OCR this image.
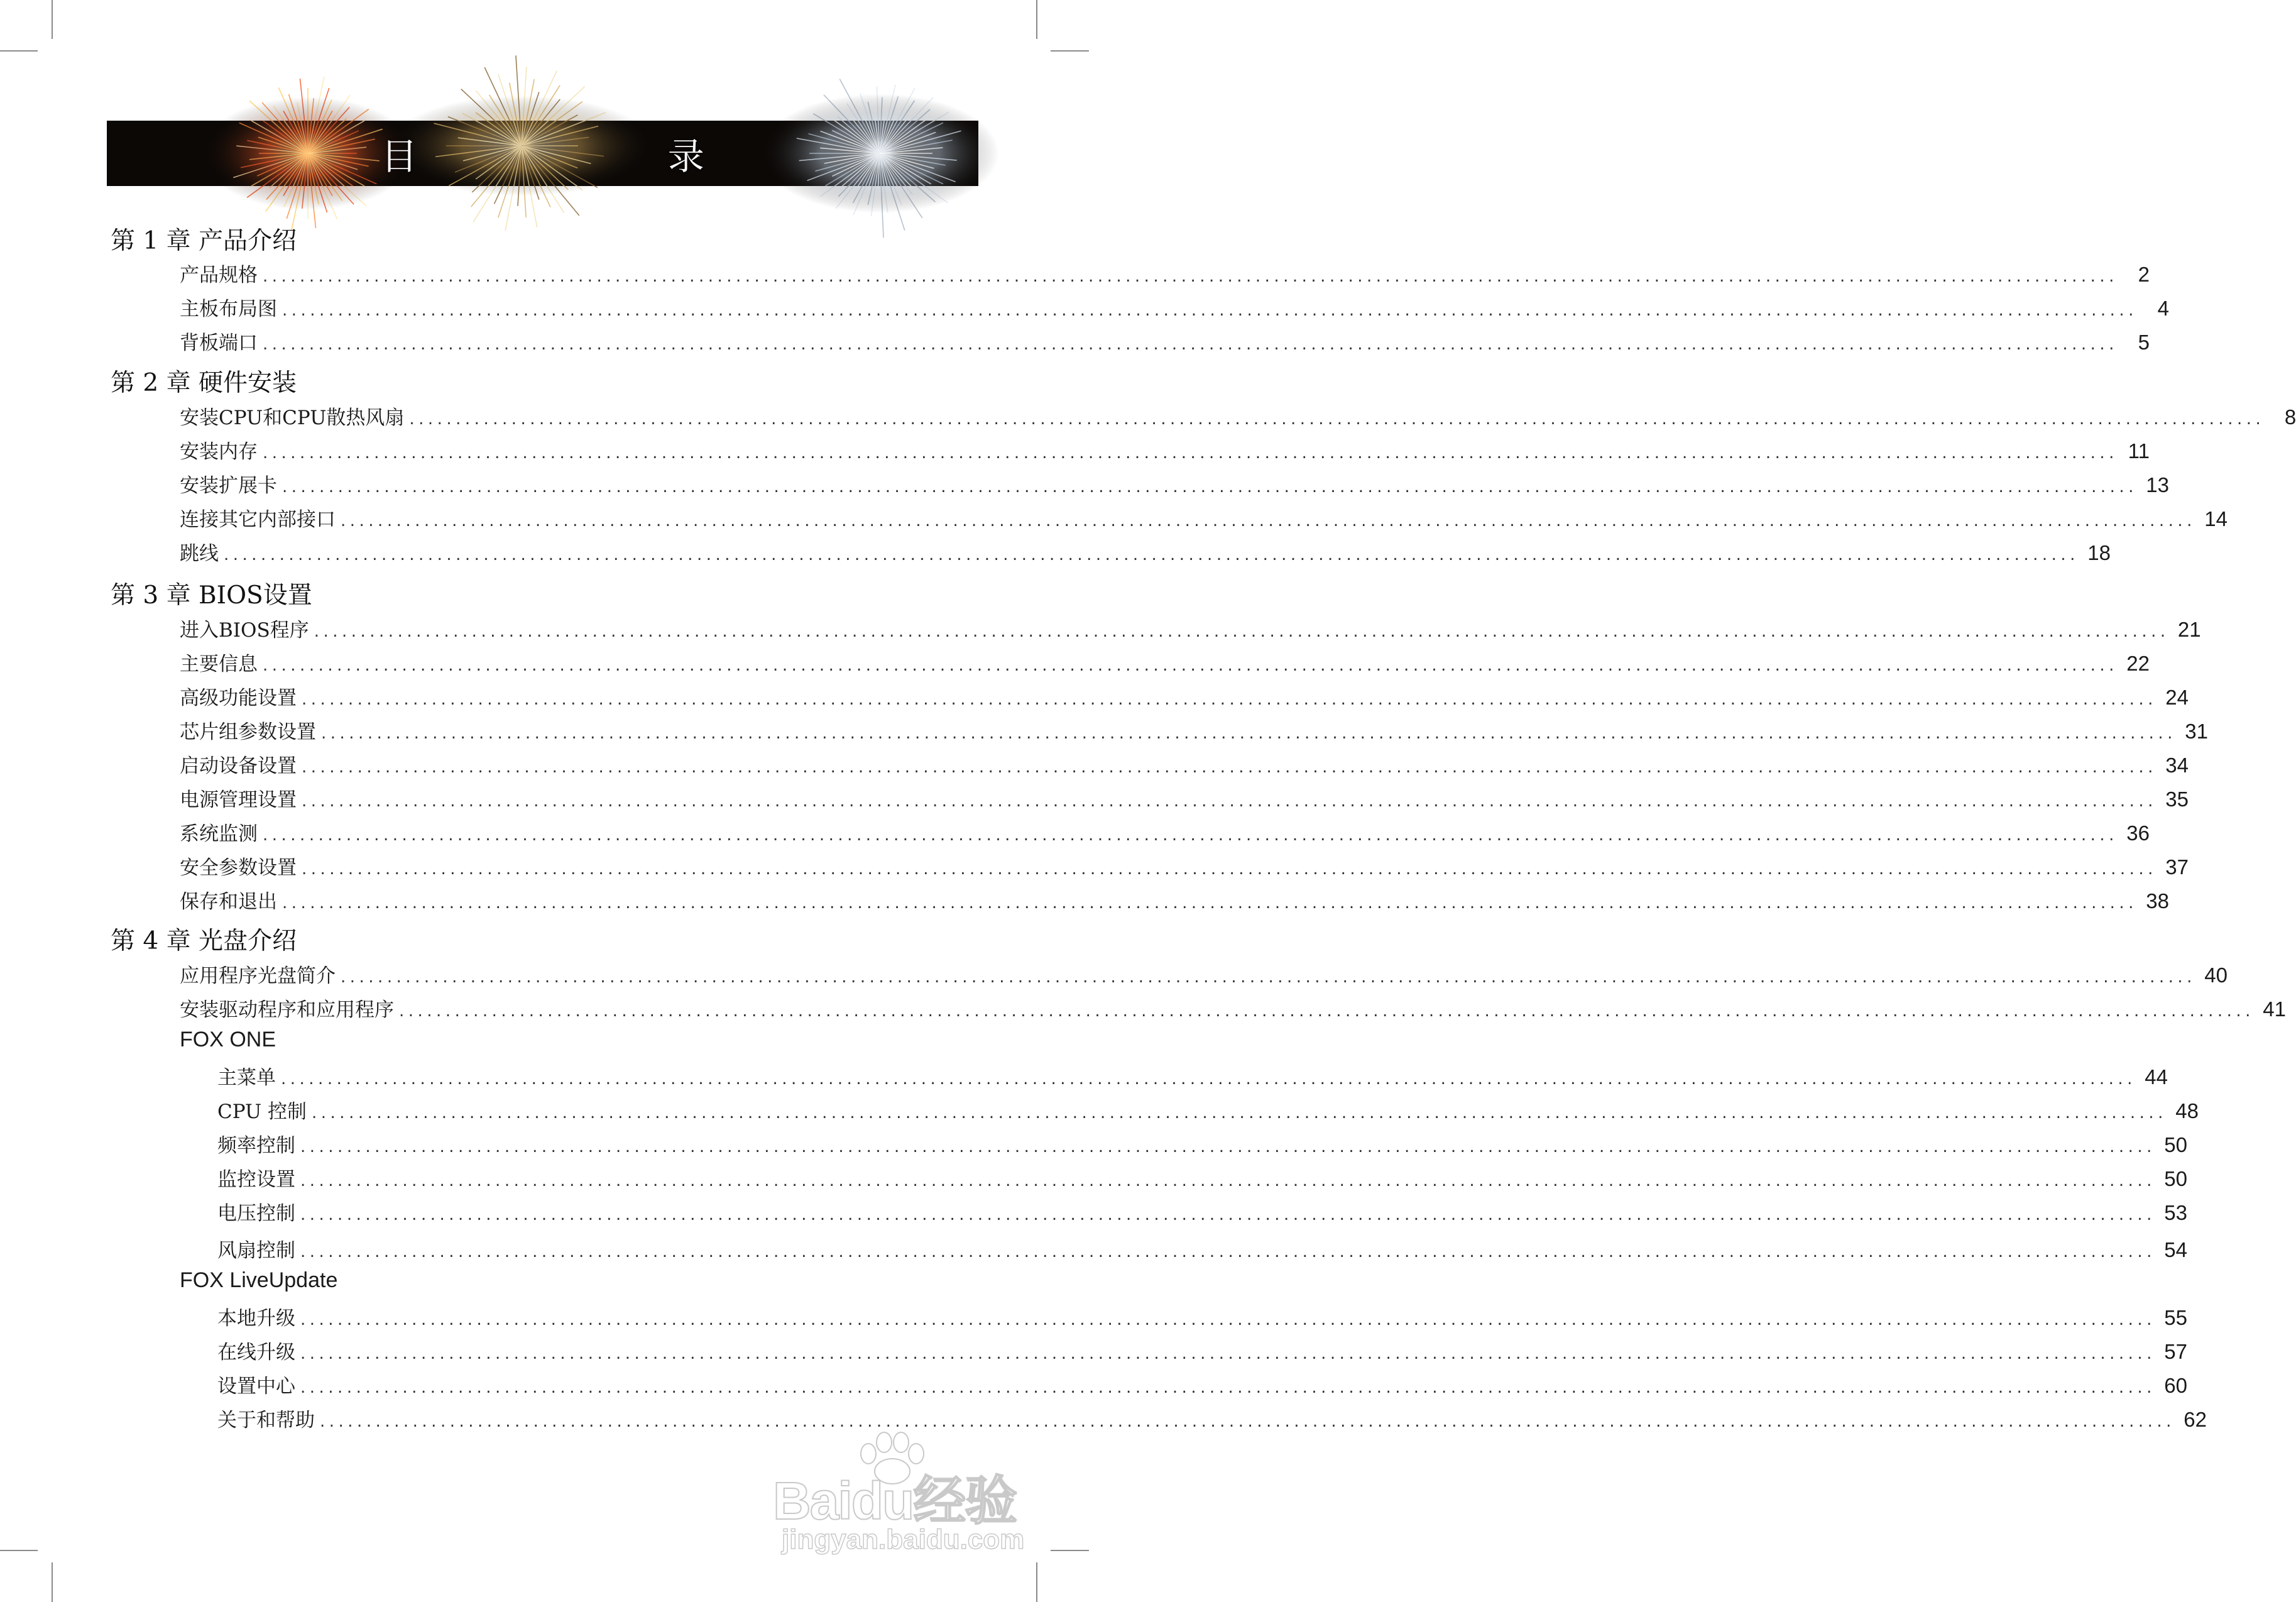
目 录
第 1 章 产品介绍
产品规格 ........................................................................................................................................................................................................ 2
主板布局图 ........................................................................................................................................................................................................ 4
背板端口 ........................................................................................................................................................................................................ 5
第 2 章 硬件安装
安装CPU和CPU散热风扇 ........................................................................................................................................................................................................ 8
安装内存 ........................................................................................................................................................................................................ 11
安装扩展卡 ........................................................................................................................................................................................................ 13
连接其它内部接口 ........................................................................................................................................................................................................ 14
跳线 ........................................................................................................................................................................................................ 18
第 3 章 BIOS设置
进入BIOS程序 ........................................................................................................................................................................................................ 21
主要信息 ........................................................................................................................................................................................................ 22
高级功能设置 ........................................................................................................................................................................................................ 24
芯片组参数设置 ........................................................................................................................................................................................................ 31
启动设备设置 ........................................................................................................................................................................................................ 34
电源管理设置 ........................................................................................................................................................................................................ 35
系统监测 ........................................................................................................................................................................................................ 36
安全参数设置 ........................................................................................................................................................................................................ 37
保存和退出 ........................................................................................................................................................................................................ 38
第 4 章 光盘介绍
应用程序光盘简介 ........................................................................................................................................................................................................ 40
安装驱动程序和应用程序 ........................................................................................................................................................................................................ 41
FOX ONE
主菜单 ........................................................................................................................................................................................................ 44
CPU 控制 ........................................................................................................................................................................................................ 48
频率控制 ........................................................................................................................................................................................................ 50
监控设置 ........................................................................................................................................................................................................ 50
电压控制 ........................................................................................................................................................................................................ 53
风扇控制 ........................................................................................................................................................................................................ 54
FOX LiveUpdate
本地升级 ........................................................................................................................................................................................................ 55
在线升级 ........................................................................................................................................................................................................ 57
设置中心 ........................................................................................................................................................................................................ 60
关于和帮助 ........................................................................................................................................................................................................ 62
Baidu经验
jingyan.baidu.com
